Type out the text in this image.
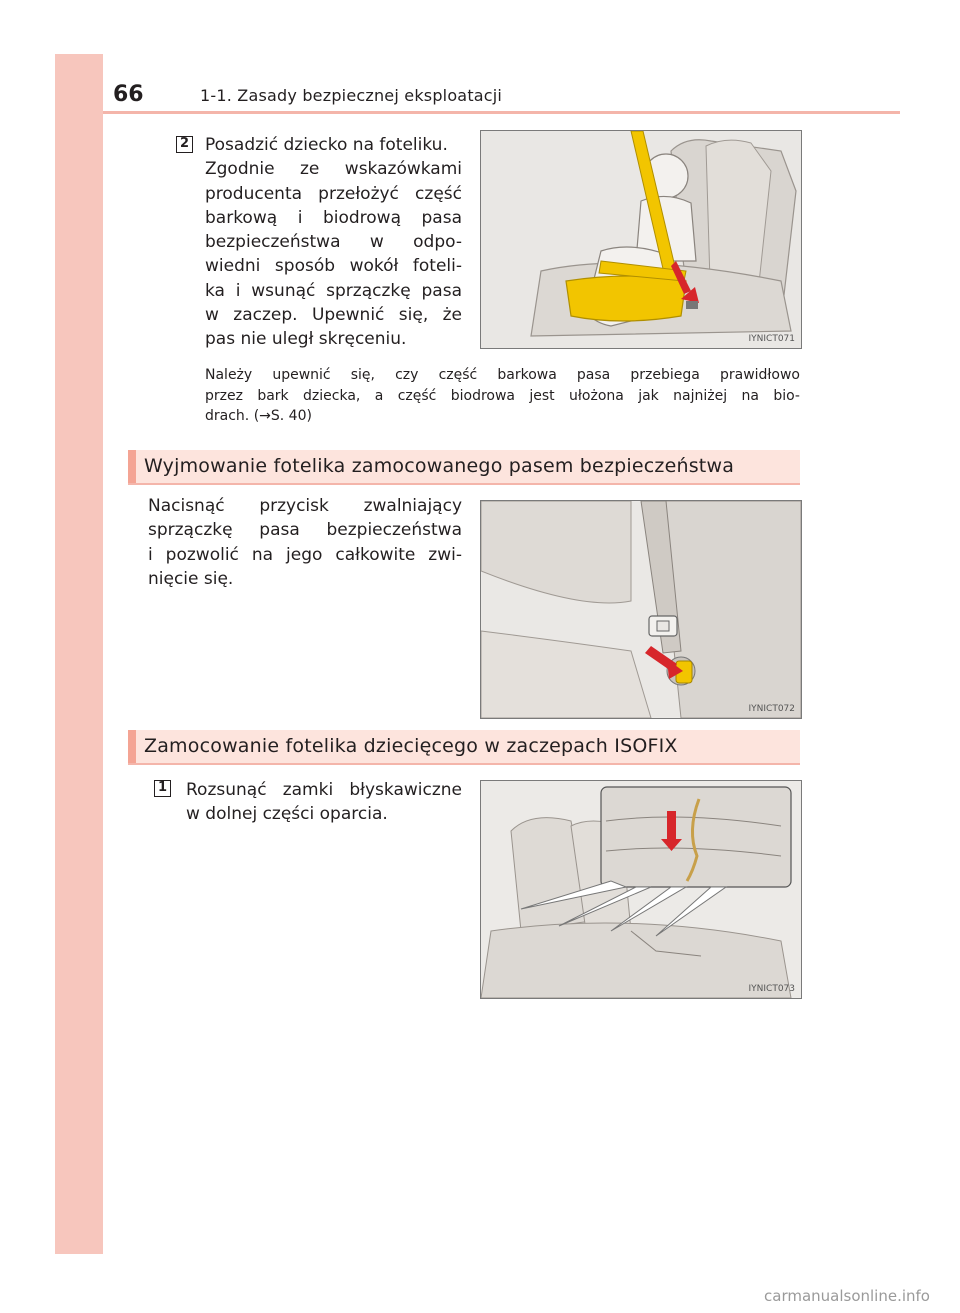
66	1-1. Zasady bezpiecznej eksploatacji
2 Posadzić dziecko na foteliku.
Zgodnie ze wskazówkami
producenta przełożyć część
barkową i biodrową pasa
bezpieczeństwa w odpo-
wiedni sposób wokół foteli-
ka i wsunąć sprzączkę pasa
w zaczep. Upewnić się, że
pas nie uległ skręceniu.	IYNICT071
Należy upewnić się, czy część barkowa pasa przebiega prawidłowo
przez bark dziecka, a część biodrowa jest ułożona jak najniżej na bio-
drach. (→S. 40)
Wyjmowanie fotelika zamocowanego pasem bezpieczeństwa
Nacisnąć przycisk zwalniający
sprzączkę pasa bezpieczeństwa
i pozwolić na jego całkowite zwi-
nięcie się.
IYNICT072
Zamocowanie fotelika dziecięcego w zaczepach ISOFIX
1 Rozsunąć zamki błyskawiczne
w dolnej części oparcia.
IYNICT073
carmanualsonline.info
